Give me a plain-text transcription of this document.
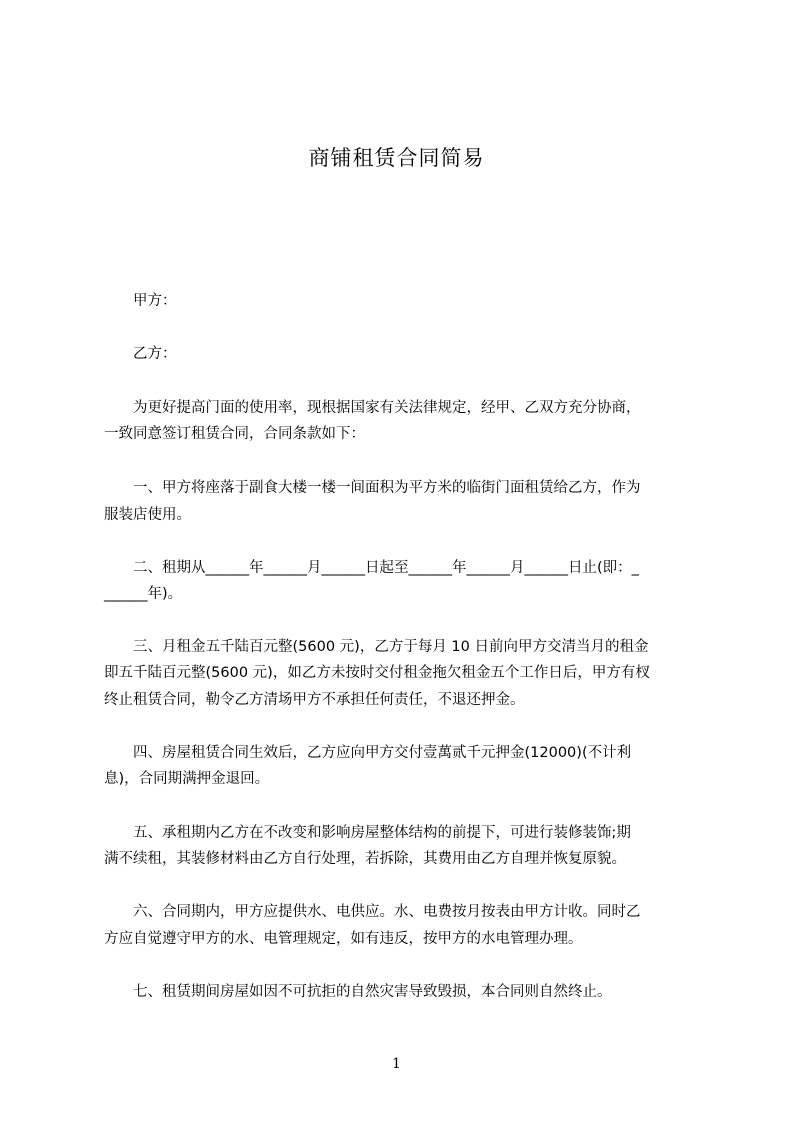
商铺租赁合同简易
　　甲方：
　　乙方：
　　为更好提高门面的使用率，现根据国家有关法律规定，经甲、乙双方充分协商，
一致同意签订租赁合同，合同条款如下：
　　一、甲方将座落于副食大楼一楼一间面积为平方米的临街门面租赁给乙方，作为
服装店使用。
　　二、租期从______年______月______日起至______年______月______日止(即：_
______年)。
　　三、月租金五千陆百元整(5600 元)，乙方于每月 10 日前向甲方交清当月的租金
即五千陆百元整(5600 元)，如乙方未按时交付租金拖欠租金五个工作日后，甲方有杈
终止租赁合同，勒令乙方清场甲方不承担任何责任，不退还押金。
　　四、房屋租赁合同生效后，乙方应向甲方交付壹萬贰千元押金(12000)(不计利
息)，合同期满押金退回。
　　五、承租期内乙方在不改变和影响房屋整体结构的前提下，可进行装修装饰;期
满不续租，其装修材料由乙方自行处理，若拆除，其费用由乙方自理并恢复原貌。
　　六、合同期内，甲方应提供水、电供应。水、电费按月按表由甲方计收。同时乙
方应自觉遵守甲方的水、电管理规定，如有违反，按甲方的水电管理办理。
　　七、租赁期间房屋如因不可抗拒的自然灾害导致毁损，本合同则自然终止。
1
